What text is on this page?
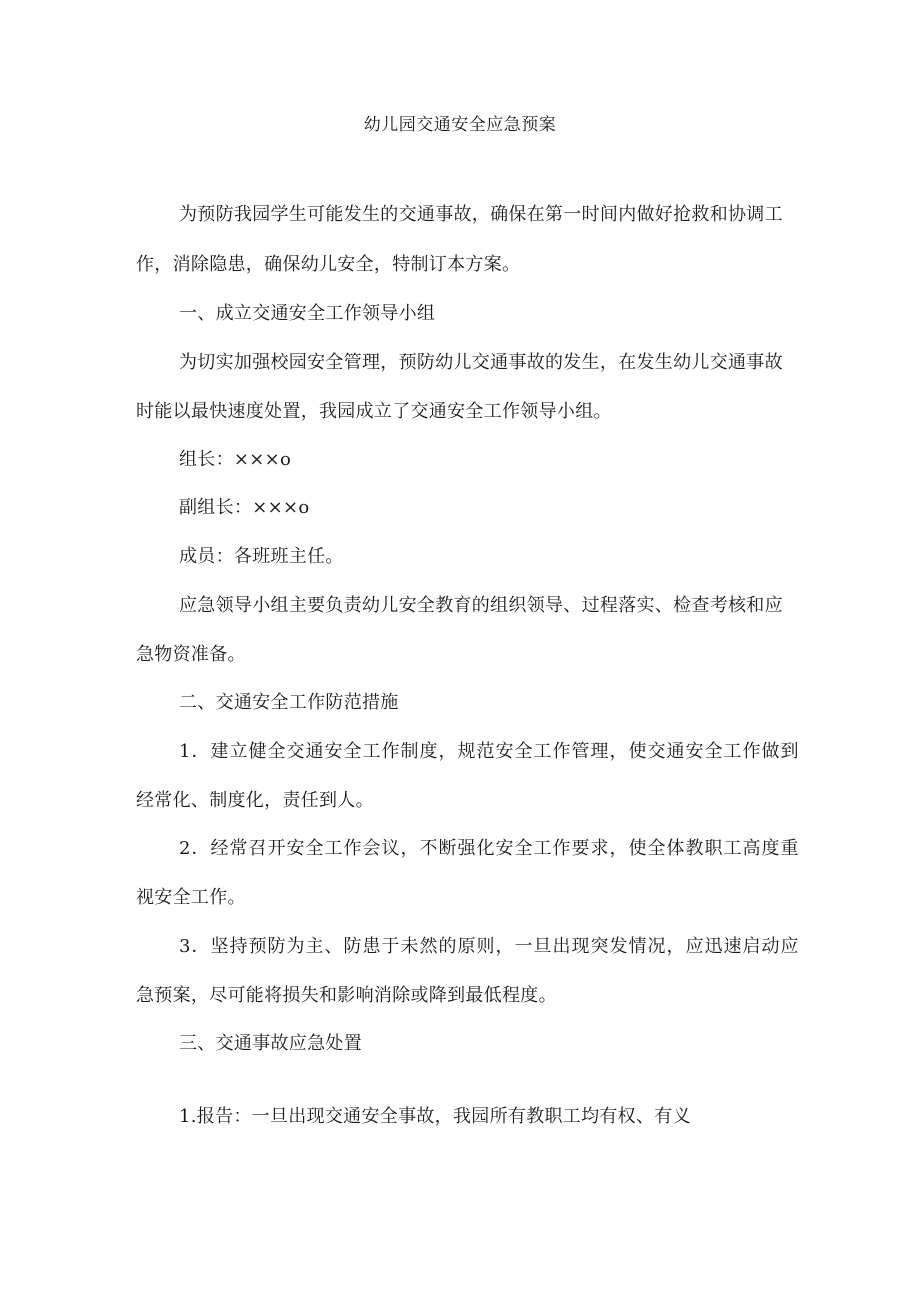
幼儿园交通安全应急预案
为预防我园学生可能发生的交通事故，确保在第一时间内做好抢救和协调工
作，消除隐患，确保幼儿安全，特制订本方案。
一、成立交通安全工作领导小组
为切实加强校园安全管理，预防幼儿交通事故的发生，在发生幼儿交通事故
时能以最快速度处置，我园成立了交通安全工作领导小组。
组长：×××o
副组长：×××o
成员：各班班主任。
应急领导小组主要负责幼儿安全教育的组织领导、过程落实、检查考核和应
急物资准备。
二、交通安全工作防范措施
1．建立健全交通安全工作制度，规范安全工作管理，使交通安全工作做到
经常化、制度化，责任到人。
2．经常召开安全工作会议，不断强化安全工作要求，使全体教职工高度重
视安全工作。
3．坚持预防为主、防患于未然的原则，一旦出现突发情况，应迅速启动应
急预案，尽可能将损失和影响消除或降到最低程度。
三、交通事故应急处置
1.报告：一旦出现交通安全事故，我园所有教职工均有权、有义
